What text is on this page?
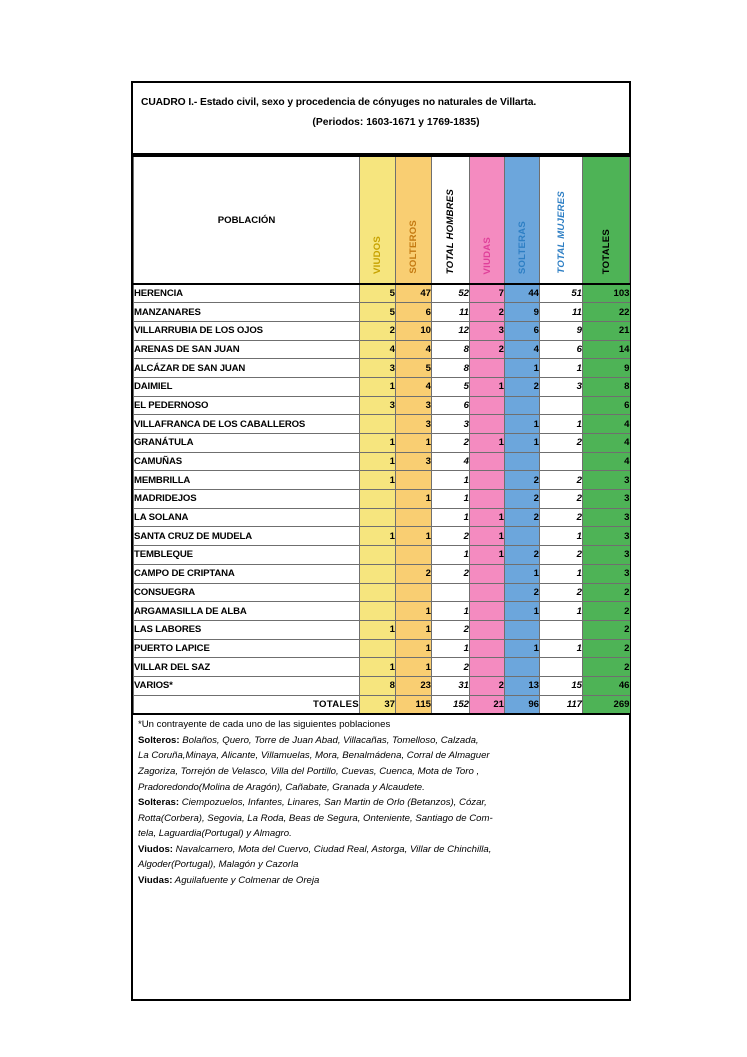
CUADRO I.- Estado civil, sexo y procedencia de cónyuges no naturales de Villarta.
(Periodos: 1603-1671 y 1769-1835)
POBLACIÓN	VIUDOS	SOLTEROS	TOTAL HOMBRES	VIUDAS	SOLTERAS	TOTAL MUJERES	TOTALES

HERENCIA	5	47	52	7	44	51	103
MANZANARES	5	6	11	2	9	11	22
VILLARRUBIA DE LOS OJOS	2	10	12	3	6	9	21
ARENAS DE SAN JUAN	4	4	8	2	4	6	14
ALCÁZAR DE SAN JUAN	3	5	8		1	1	9
DAIMIEL	1	4	5	1	2	3	8
EL PEDERNOSO	3	3	6				6
VILLAFRANCA DE LOS CABALLEROS		3	3		1	1	4
GRANÁTULA	1	1	2	1	1	2	4
CAMUÑAS	1	3	4				4
MEMBRILLA	1		1		2	2	3
MADRIDEJOS		1	1		2	2	3
LA SOLANA			1	1	2	2	3
SANTA CRUZ DE MUDELA	1	1	2	1		1	3
TEMBLEQUE			1	1	2	2	3
CAMPO DE CRIPTANA		2	2		1	1	3
CONSUEGRA					2	2	2
ARGAMASILLA DE ALBA		1	1		1	1	2
LAS LABORES	1	1	2				2
PUERTO LAPICE		1	1		1	1	2
VILLAR DEL SAZ	1	1	2				2
VARIOS*	8	23	31	2	13	15	46
TOTALES	37	115	152	21	96	117	269
*Un contrayente de cada uno de las siguientes poblaciones
Solteros: Bolaños, Quero, Torre de Juan Abad, Villacañas, Tomelloso, Calzada,
La Coruña,Minaya, Alicante, Villamuelas, Mora, Benalmádena, Corral de Almaguer
Zagoriza, Torrejón de Velasco, Villa del Portillo, Cuevas, Cuenca, Mota de Toro ,
Pradoredondo(Molina de Aragón), Cañabate, Granada y Alcaudete.
Solteras: Ciempozuelos, Infantes, Linares, San Martin de Orlo (Betanzos), Cózar,
Rotta(Corbera), Segovia, La Roda, Beas de Segura, Onteniente, Santiago de Com-
tela, Laguardia(Portugal) y Almagro.
Viudos: Navalcarnero, Mota del Cuervo, Ciudad Real, Astorga, Villar de Chinchilla,
Algoder(Portugal), Malagón y Cazorla
Viudas: Aguilafuente y Colmenar de Oreja
